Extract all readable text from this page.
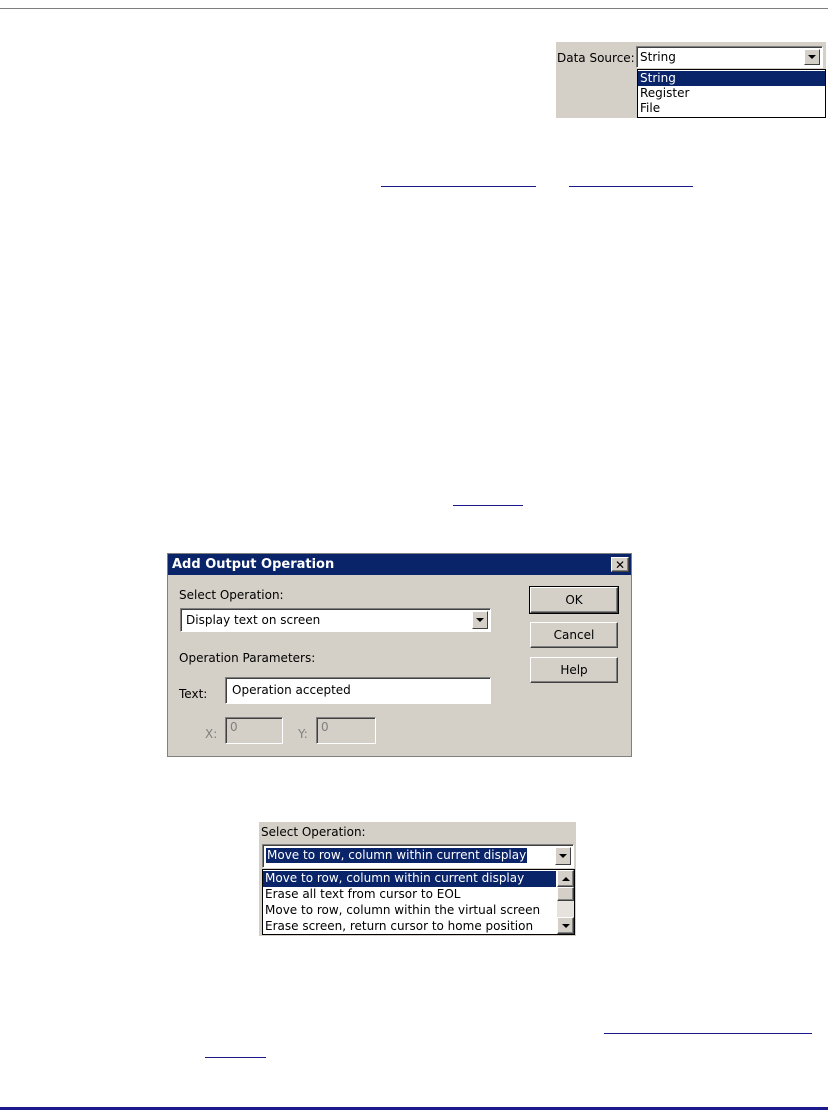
Data Source: String
String
Register
File
Add Output Operation	✕
Select Operation:
Display text on screen
Operation Parameters:
Text: Operation accepted
X: 0	Y: 0
OK
Cancel
Help
Select Operation:
Move to row, column within current display
Move to row, column within current display
Erase all text from cursor to EOL
Move to row, column within the virtual screen
Erase screen, return cursor to home position
